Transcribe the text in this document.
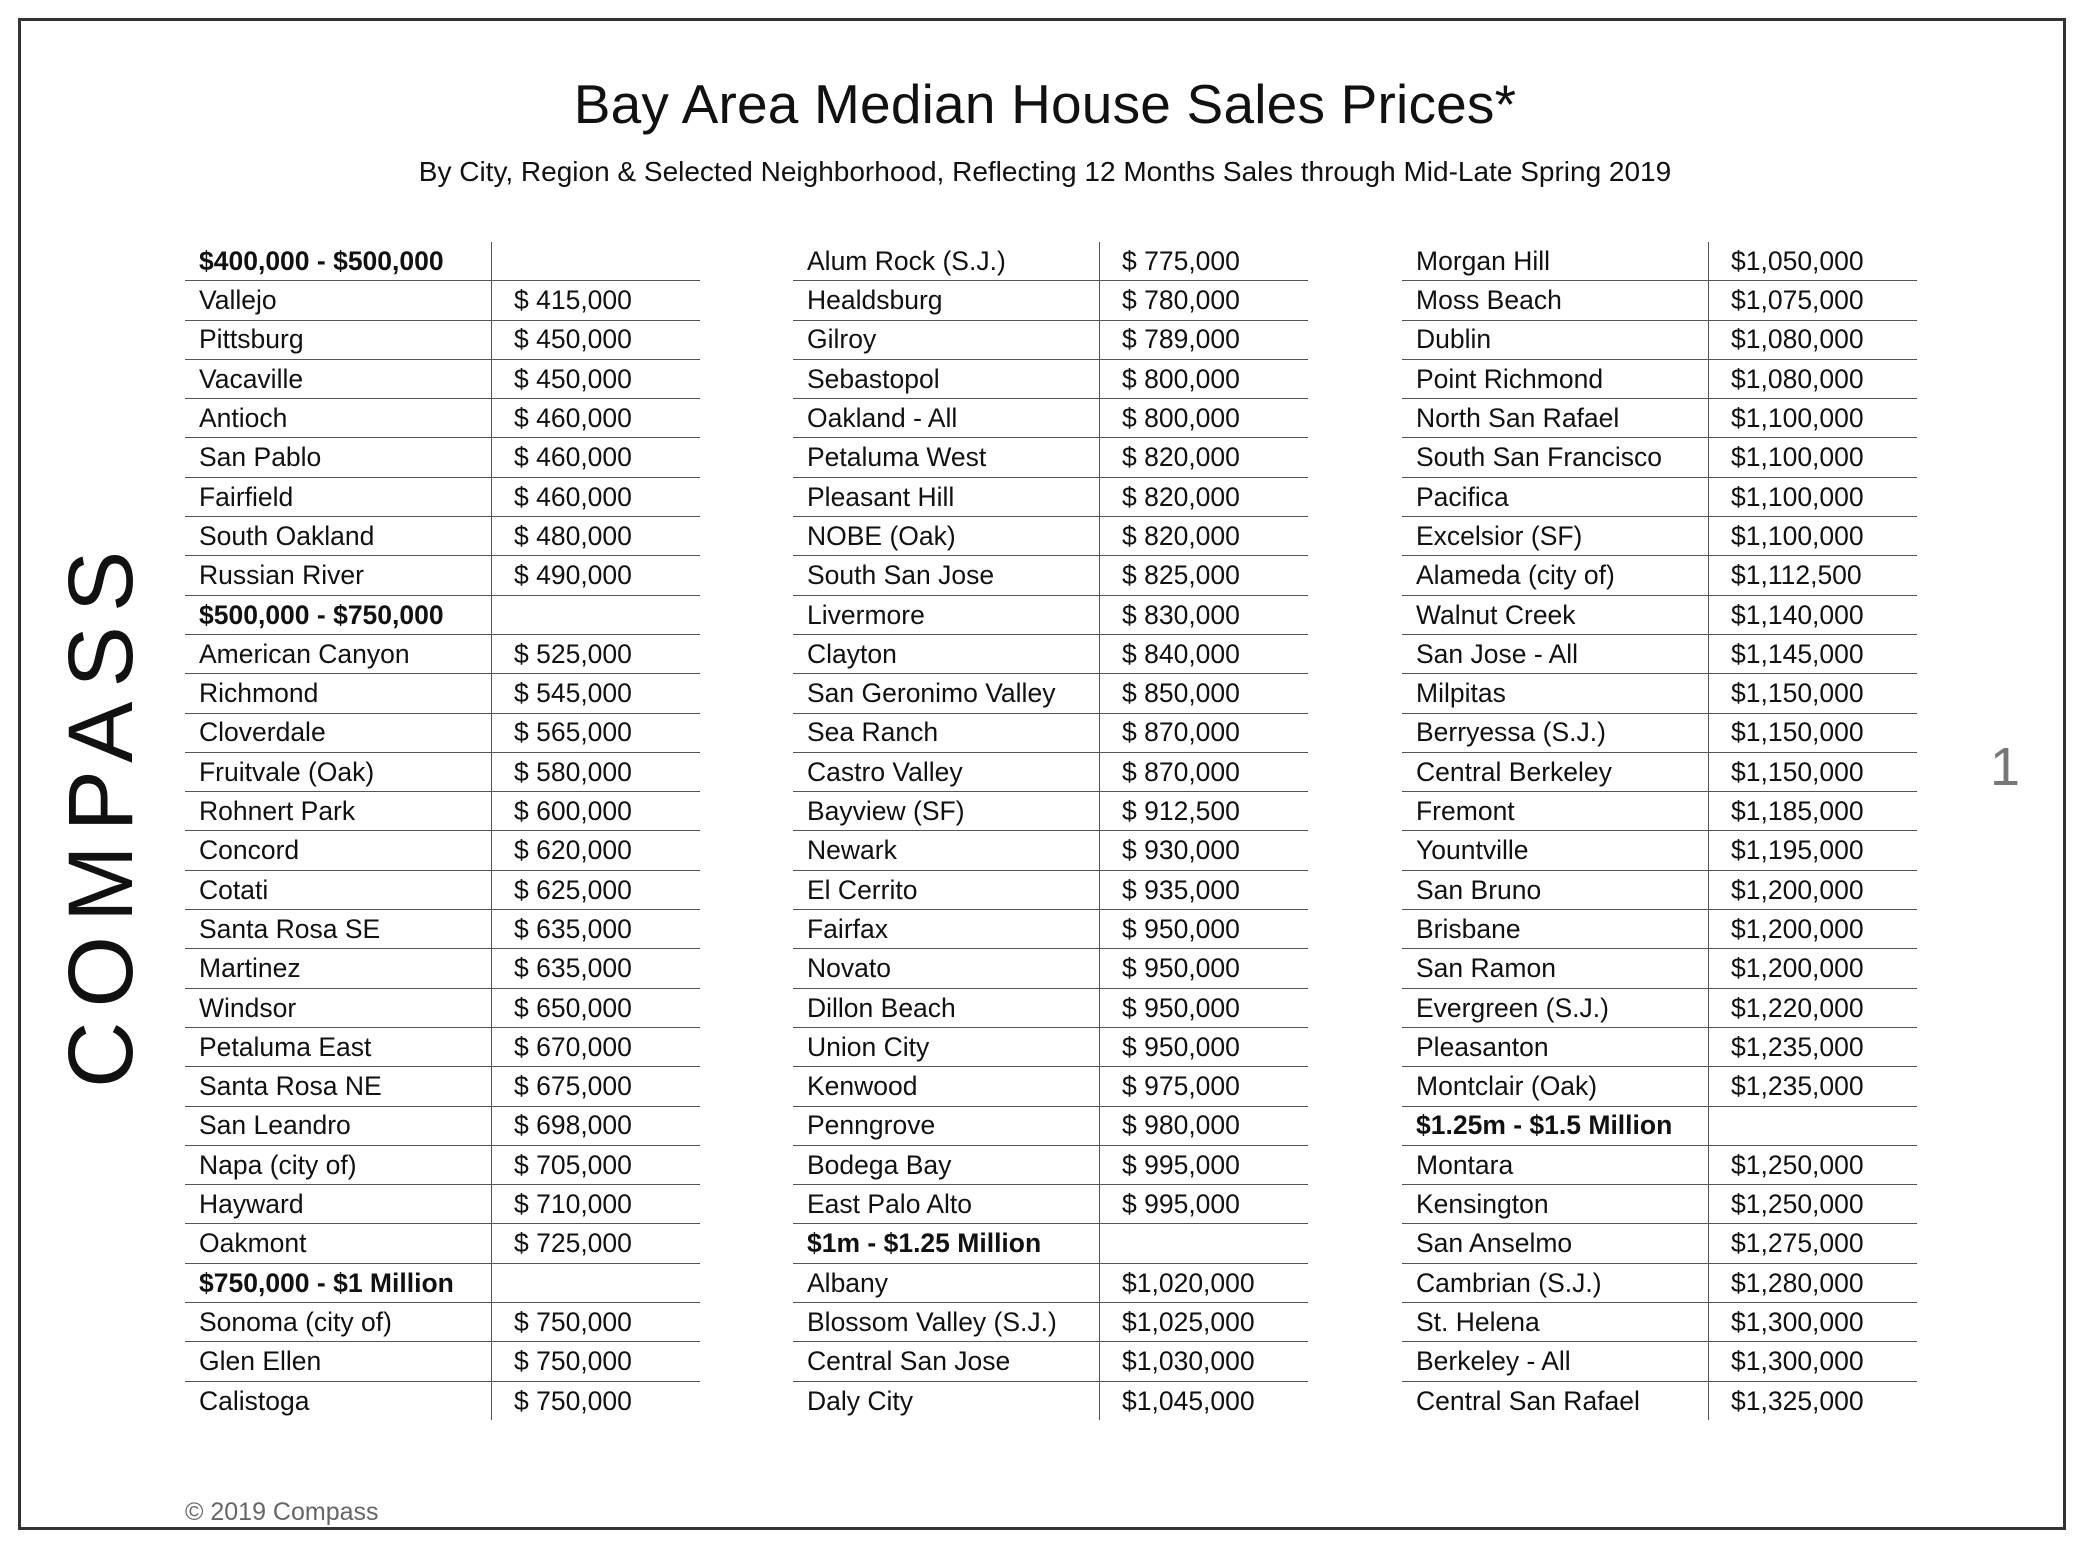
Bay Area Median House Sales Prices*
By City, Region & Selected Neighborhood, Reflecting 12 Months Sales through Mid-Late Spring 2019
COMPASS	1
© 2019 Compass
$400,000 - $500,000	
Vallejo	$ 415,000
Pittsburg	$ 450,000
Vacaville	$ 450,000
Antioch	$ 460,000
San Pablo	$ 460,000
Fairfield	$ 460,000
South Oakland	$ 480,000
Russian River	$ 490,000
$500,000 - $750,000	
American Canyon	$ 525,000
Richmond	$ 545,000
Cloverdale	$ 565,000
Fruitvale (Oak)	$ 580,000
Rohnert Park	$ 600,000
Concord	$ 620,000
Cotati	$ 625,000
Santa Rosa SE	$ 635,000
Martinez	$ 635,000
Windsor	$ 650,000
Petaluma East	$ 670,000
Santa Rosa NE	$ 675,000
San Leandro	$ 698,000
Napa (city of)	$ 705,000
Hayward	$ 710,000
Oakmont	$ 725,000
$750,000 - $1 Million	
Sonoma (city of)	$ 750,000
Glen Ellen	$ 750,000
Calistoga	$ 750,000
Alum Rock (S.J.)	$ 775,000
Healdsburg	$ 780,000
Gilroy	$ 789,000
Sebastopol	$ 800,000
Oakland - All	$ 800,000
Petaluma West	$ 820,000
Pleasant Hill	$ 820,000
NOBE (Oak)	$ 820,000
South San Jose	$ 825,000
Livermore	$ 830,000
Clayton	$ 840,000
San Geronimo Valley	$ 850,000
Sea Ranch	$ 870,000
Castro Valley	$ 870,000
Bayview (SF)	$ 912,500
Newark	$ 930,000
El Cerrito	$ 935,000
Fairfax	$ 950,000
Novato	$ 950,000
Dillon Beach	$ 950,000
Union City	$ 950,000
Kenwood	$ 975,000
Penngrove	$ 980,000
Bodega Bay	$ 995,000
East Palo Alto	$ 995,000
$1m - $1.25 Million	
Albany	$1,020,000
Blossom Valley (S.J.)	$1,025,000
Central San Jose	$1,030,000
Daly City	$1,045,000
Morgan Hill	$1,050,000
Moss Beach	$1,075,000
Dublin	$1,080,000
Point Richmond	$1,080,000
North San Rafael	$1,100,000
South San Francisco	$1,100,000
Pacifica	$1,100,000
Excelsior (SF)	$1,100,000
Alameda (city of)	$1,112,500
Walnut Creek	$1,140,000
San Jose - All	$1,145,000
Milpitas	$1,150,000
Berryessa (S.J.)	$1,150,000
Central Berkeley	$1,150,000
Fremont	$1,185,000
Yountville	$1,195,000
San Bruno	$1,200,000
Brisbane	$1,200,000
San Ramon	$1,200,000
Evergreen (S.J.)	$1,220,000
Pleasanton	$1,235,000
Montclair (Oak)	$1,235,000
$1.25m - $1.5 Million	
Montara	$1,250,000
Kensington	$1,250,000
San Anselmo	$1,275,000
Cambrian (S.J.)	$1,280,000
St. Helena	$1,300,000
Berkeley - All	$1,300,000
Central San Rafael	$1,325,000
